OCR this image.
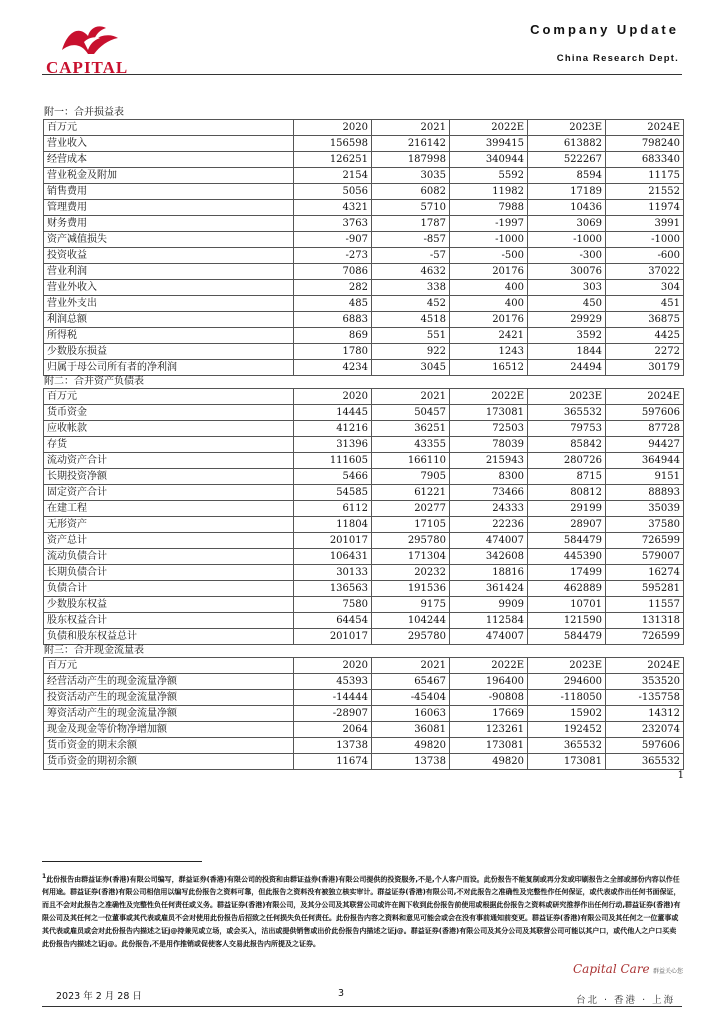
CAPITAL
Company Update
China Research Dept.
附一：合并损益表
百万元	2020	2021	2022E	2023E	2024E
营业收入	156598	216142	399415	613882	798240
经营成本	126251	187998	340944	522267	683340
营业税金及附加	2154	3035	5592	8594	11175
销售费用	5056	6082	11982	17189	21552
管理费用	4321	5710	7988	10436	11974
财务费用	3763	1787	-1997	3069	3991
资产减值损失	-907	-857	-1000	-1000	-1000
投资收益	-273	-57	-500	-300	-600
营业利润	7086	4632	20176	30076	37022
营业外收入	282	338	400	303	304
营业外支出	485	452	400	450	451
利润总额	6883	4518	20176	29929	36875
所得税	869	551	2421	3592	4425
少数股东损益	1780	922	1243	1844	2272
归属于母公司所有者的净利润	4234	3045	16512	24494	30179
附二：合并资产负债表
百万元	2020	2021	2022E	2023E	2024E
货币资金	14445	50457	173081	365532	597606
应收帐款	41216	36251	72503	79753	87728
存货	31396	43355	78039	85842	94427
流动资产合计	111605	166110	215943	280726	364944
长期投资净额	5466	7905	8300	8715	9151
固定资产合计	54585	61221	73466	80812	88893
在建工程	6112	20277	24333	29199	35039
无形资产	11804	17105	22236	28907	37580
资产总计	201017	295780	474007	584479	726599
流动负债合计	106431	171304	342608	445390	579007
长期负债合计	30133	20232	18816	17499	16274
负债合计	136563	191536	361424	462889	595281
少数股东权益	7580	9175	9909	10701	11557
股东权益合计	64454	104244	112584	121590	131318
负债和股东权益总计	201017	295780	474007	584479	726599
附三：合并现金流量表
百万元	2020	2021	2022E	2023E	2024E
经营活动产生的现金流量净额	45393	65467	196400	294600	353520
投资活动产生的现金流量净额	-14444	-45404	-90808	-118050	-135758
筹资活动产生的现金流量净额	-28907	16063	17669	15902	14312
现金及现金等价物净增加额	2064	36081	123261	192452	232074
货币资金的期末余额	13738	49820	173081	365532	597606
货币资金的期初余额	11674	13738	49820	173081	365532
1
$^1$此份报告由群益证券(香港)有限公司编写，群益证券(香港)有限公司的投资和由群证益券(香港)有限公司提供的投资服务,不是,个人客户而设。此份报告不能复制或再分发或印刷报告之全部或部份内容以作任何用途。群益证券(香港)有限公司相信用以编写此份报告之资料可靠，但此报告之资料没有被独立核实审计。群益证券(香港)有限公司,不对此报告之准确性及完整性作任何保证，或代表或作出任何书面保证，而且不会对此报告之准确性及完整性负任何责任或义务。群益证券(香港)有限公司，及其分公司及其联营公司或许在阁下收到此份报告前使用或根据此份报告之资料或研究推荐作出任何行动,群益证券(香港)有限公司及其任何之一位董事或其代表或雇员不会对使用此份报告后招致之任何损失负任何责任。此份报告内容之资料和意见可能会或会在没有事前通知前变更。群益证券(香港)有限公司及其任何之一位董事或其代表或雇员或会对此份报告内描述之证j@持兼见或立场，或会买入，沽出或提供销售或出价此份报告内描述之证j@。群益证券(香港)有限公司及其分公司及其联营公司可能以其户口，或代他人之户口买卖此份报告内描述之证j@。此份报告,不是用作推销或促使客人交易此报告内所提及之证券。
Capital Care 群益关心您
台北 · 香港 · 上海
2023 年 2 月 28 日	3
